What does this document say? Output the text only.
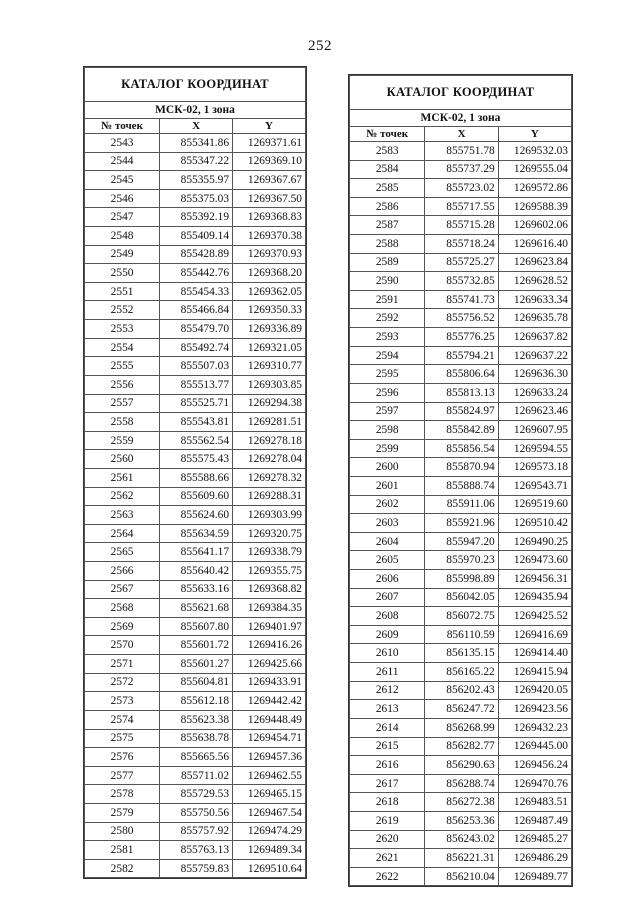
252
КАТАЛОГ КООРДИНАТ		
МСК-02, 1 зона		
№ точек	X	Y
2543	855341.86	1269371.61
2544	855347.22	1269369.10
2545	855355.97	1269367.67
2546	855375.03	1269367.50
2547	855392.19	1269368.83
2548	855409.14	1269370.38
2549	855428.89	1269370.93
2550	855442.76	1269368.20
2551	855454.33	1269362.05
2552	855466.84	1269350.33
2553	855479.70	1269336.89
2554	855492.74	1269321.05
2555	855507.03	1269310.77
2556	855513.77	1269303.85
2557	855525.71	1269294.38
2558	855543.81	1269281.51
2559	855562.54	1269278.18
2560	855575.43	1269278.04
2561	855588.66	1269278.32
2562	855609.60	1269288.31
2563	855624.60	1269303.99
2564	855634.59	1269320.75
2565	855641.17	1269338.79
2566	855640.42	1269355.75
2567	855633.16	1269368.82
2568	855621.68	1269384.35
2569	855607.80	1269401.97
2570	855601.72	1269416.26
2571	855601.27	1269425.66
2572	855604.81	1269433.91
2573	855612.18	1269442.42
2574	855623.38	1269448.49
2575	855638.78	1269454.71
2576	855665.56	1269457.36
2577	855711.02	1269462.55
2578	855729.53	1269465.15
2579	855750.56	1269467.54
2580	855757.92	1269474.29
2581	855763.13	1269489.34
2582	855759.83	1269510.64
КАТАЛОГ КООРДИНАТ		
МСК-02, 1 зона		
№ точек	X	Y
2583	855751.78	1269532.03
2584	855737.29	1269555.04
2585	855723.02	1269572.86
2586	855717.55	1269588.39
2587	855715.28	1269602.06
2588	855718.24	1269616.40
2589	855725.27	1269623.84
2590	855732.85	1269628.52
2591	855741.73	1269633.34
2592	855756.52	1269635.78
2593	855776.25	1269637.82
2594	855794.21	1269637.22
2595	855806.64	1269636.30
2596	855813.13	1269633.24
2597	855824.97	1269623.46
2598	855842.89	1269607.95
2599	855856.54	1269594.55
2600	855870.94	1269573.18
2601	855888.74	1269543.71
2602	855911.06	1269519.60
2603	855921.96	1269510.42
2604	855947.20	1269490.25
2605	855970.23	1269473.60
2606	855998.89	1269456.31
2607	856042.05	1269435.94
2608	856072.75	1269425.52
2609	856110.59	1269416.69
2610	856135.15	1269414.40
2611	856165.22	1269415.94
2612	856202.43	1269420.05
2613	856247.72	1269423.56
2614	856268.99	1269432.23
2615	856282.77	1269445.00
2616	856290.63	1269456.24
2617	856288.74	1269470.76
2618	856272.38	1269483.51
2619	856253.36	1269487.49
2620	856243.02	1269485.27
2621	856221.31	1269486.29
2622	856210.04	1269489.77
